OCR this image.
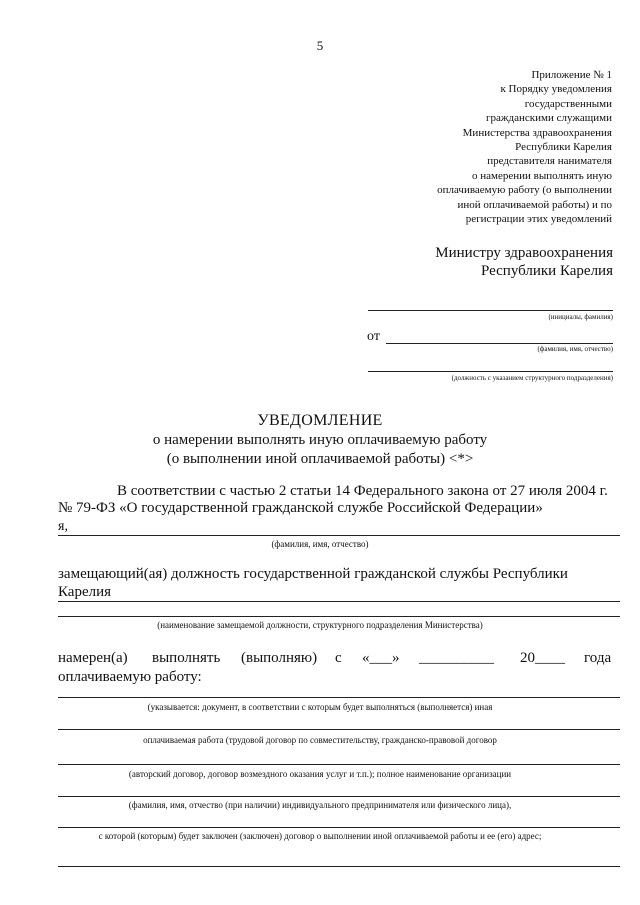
5
Приложение № 1
к Порядку уведомления
государственными
гражданскими служащими
Министерства здравоохранения
Республики Карелия
представителя нанимателя
о намерении выполнять иную
оплачиваемую работу (о выполнении
иной оплачиваемой работы) и по
регистрации этих уведомлений
Министру здравоохранения
Республики Карелия
(инициалы, фамилия)
от
(фамилия, имя, отчество)
(должность с указанием структурного подразделения)
УВЕДОМЛЕНИЕ
о намерении выполнять иную оплачиваемую работу
(о выполнении иной оплачиваемой работы) <*>
В соответствии с частью 2 статьи 14 Федерального закона от 27 июля 2004 г.
№ 79-ФЗ «О государственной гражданской службе Российской Федерации»
я,
(фамилия, имя, отчество)
замещающий(ая) должность государственной гражданской службы Республики
Карелия
(наименование замещаемой должности, структурного подразделения Министерства)
намерен(а) выполнять (выполняю) с «___» __________ 20____ года
оплачиваемую работу:
(указывается: документ, в соответствии с которым будет выполняться (выполняется) иная
оплачиваемая работа (трудовой договор по совместительству, гражданско-правовой договор
(авторский договор, договор возмездного оказания услуг и т.п.); полное наименование организации
(фамилия, имя, отчество (при наличии) индивидуального предпринимателя или физического лица),
с которой (которым) будет заключен (заключен) договор о выполнении иной оплачиваемой работы и ее (его) адрес;
